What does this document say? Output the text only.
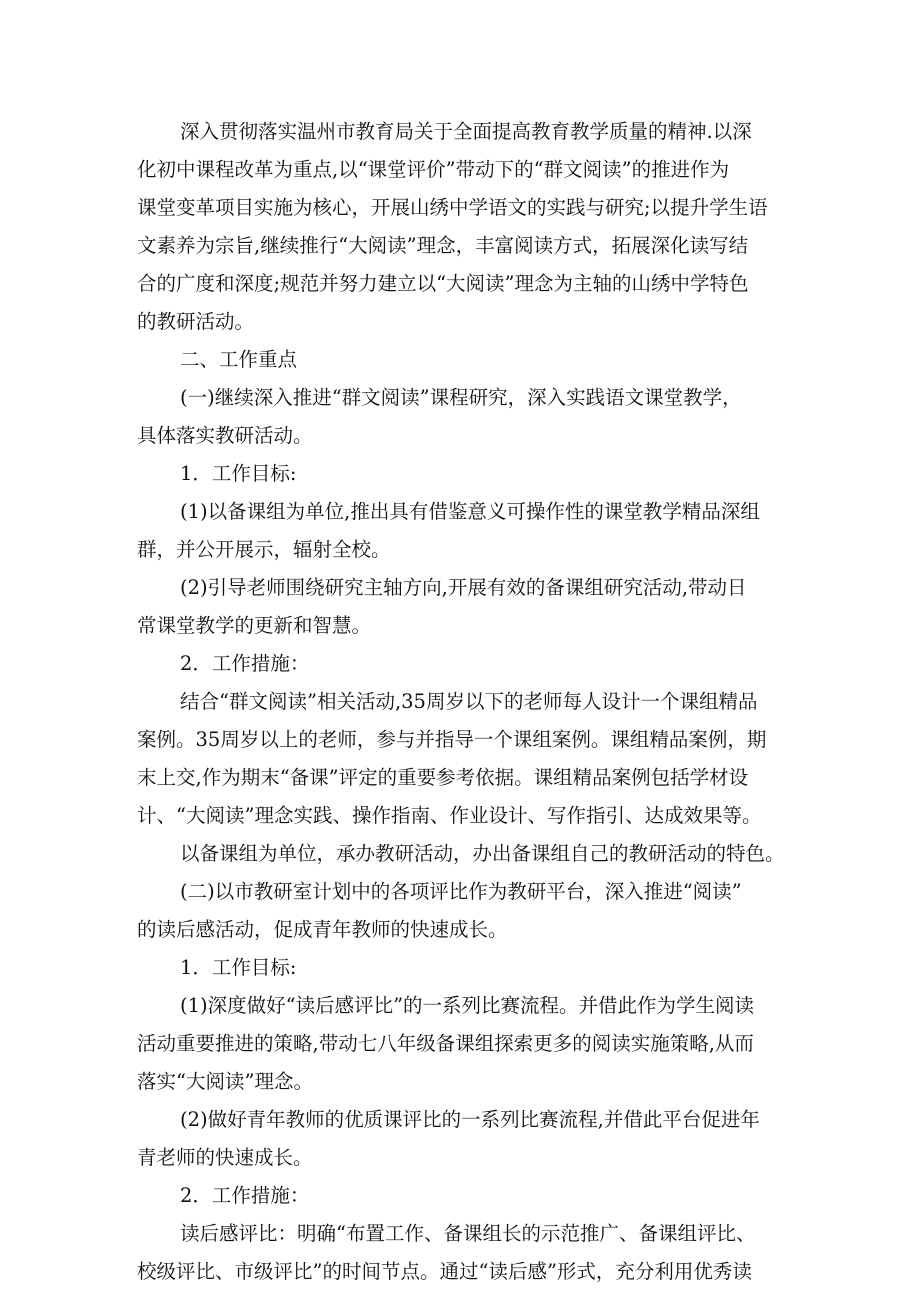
深入贯彻落实温州市教育局关于全面提高教育教学质量的精神.以深
化初中课程改革为重点,以“课堂评价”带动下的“群文阅读”的推进作为
课堂变革项目实施为核心，开展山绣中学语文的实践与研究;以提升学生语
文素养为宗旨,继续推行“大阅读”理念，丰富阅读方式，拓展深化读写结
合的广度和深度;规范并努力建立以“大阅读”理念为主轴的山绣中学特色
的教研活动。
二、工作重点
(一)继续深入推进“群文阅读”课程研究，深入实践语文课堂教学，
具体落实教研活动。
1．工作目标:
(1)以备课组为单位,推出具有借鉴意义可操作性的课堂教学精品深组
群，并公开展示，辐射全校。
(2)引导老师围绕研究主轴方向,开展有效的备课组研究活动,带动日
常课堂教学的更新和智慧。
2．工作措施：
结合“群文阅读”相关活动,35周岁以下的老师每人设计一个课组精品
案例。35周岁以上的老师，参与并指导一个课组案例。课组精品案例，期
末上交,作为期末“备课”评定的重要参考依据。课组精品案例包括学材设
计、“大阅读”理念实践、操作指南、作业设计、写作指引、达成效果等。
以备课组为单位，承办教研活动，办出备课组自己的教研活动的特色。
(二)以市教研室计划中的各项评比作为教研平台，深入推进“阅读”
的读后感活动，促成青年教师的快速成长。
1．工作目标:
(1)深度做好“读后感评比”的一系列比赛流程。并借此作为学生阅读
活动重要推进的策略,带动七八年级备课组探索更多的阅读实施策略,从而
落实“大阅读”理念。
(2)做好青年教师的优质课评比的一系列比赛流程,并借此平台促进年
青老师的快速成长。
2．工作措施：
读后感评比：明确“布置工作、备课组长的示范推广、备课组评比、
校级评比、市级评比”的时间节点。通过“读后感”形式，充分利用优秀读
